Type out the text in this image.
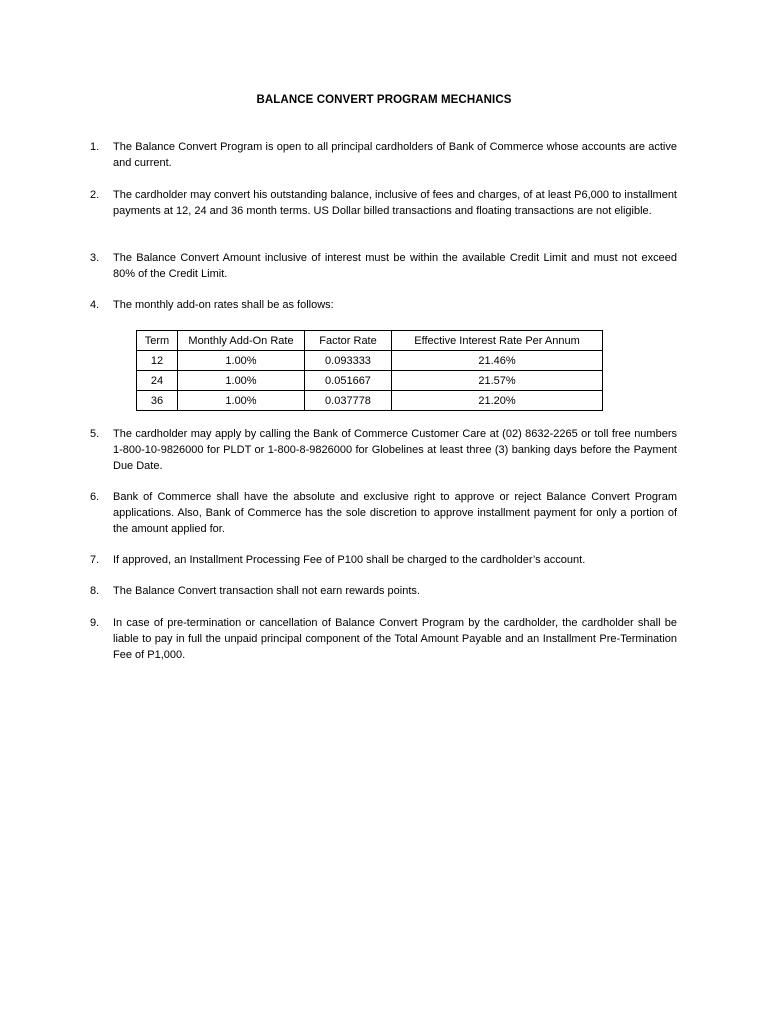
BALANCE CONVERT PROGRAM MECHANICS
1.	The Balance Convert Program is open to all principal cardholders of Bank of Commerce whose accounts are active and current.
2.	The cardholder may convert his outstanding balance, inclusive of fees and charges, of at least P6,000 to installment payments at 12, 24 and 36 month terms. US Dollar billed transactions and floating transactions are not eligible.
3.	The Balance Convert Amount inclusive of interest must be within the available Credit Limit and must not exceed 80% of the Credit Limit.
4.	The monthly add-on rates shall be as follows:
Term	Monthly Add-On Rate	Factor Rate	Effective Interest Rate Per Annum
12	1.00%	0.093333	21.46%
24	1.00%	0.051667	21.57%
36	1.00%	0.037778	21.20%
5.	The cardholder may apply by calling the Bank of Commerce Customer Care at (02) 8632-2265 or toll free numbers 1-800-10-9826000 for PLDT or 1-800-8-9826000 for Globelines at least three (3) banking days before the Payment Due Date.
6.	Bank of Commerce shall have the absolute and exclusive right to approve or reject Balance Convert Program applications. Also, Bank of Commerce has the sole discretion to approve installment payment for only a portion of the amount applied for.
7.	If approved, an Installment Processing Fee of P100 shall be charged to the cardholder’s account.
8.	The Balance Convert transaction shall not earn rewards points.
9.	In case of pre-termination or cancellation of Balance Convert Program by the cardholder, the cardholder shall be liable to pay in full the unpaid principal component of the Total Amount Payable and an Installment Pre-Termination Fee of P1,000.
